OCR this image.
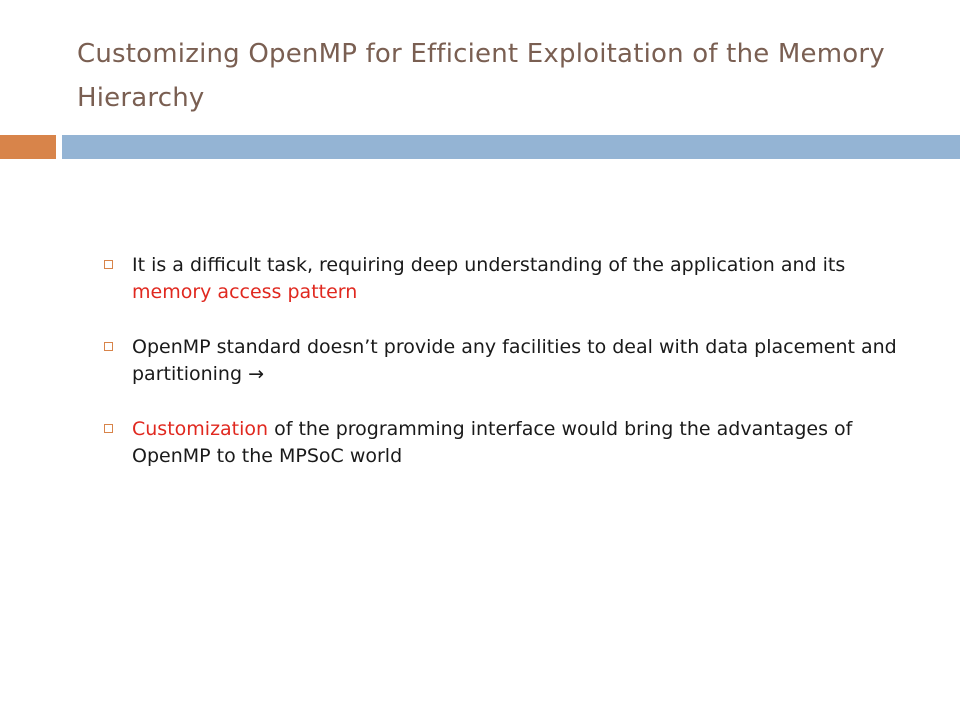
Customizing OpenMP for Efficient Exploitation of the Memory Hierarchy
It is a difficult task, requiring deep understanding of the application and its memory access pattern
OpenMP standard doesn’t provide any facilities to deal with data placement and partitioning →
Customization of the programming interface would bring the advantages of OpenMP to the MPSoC world
